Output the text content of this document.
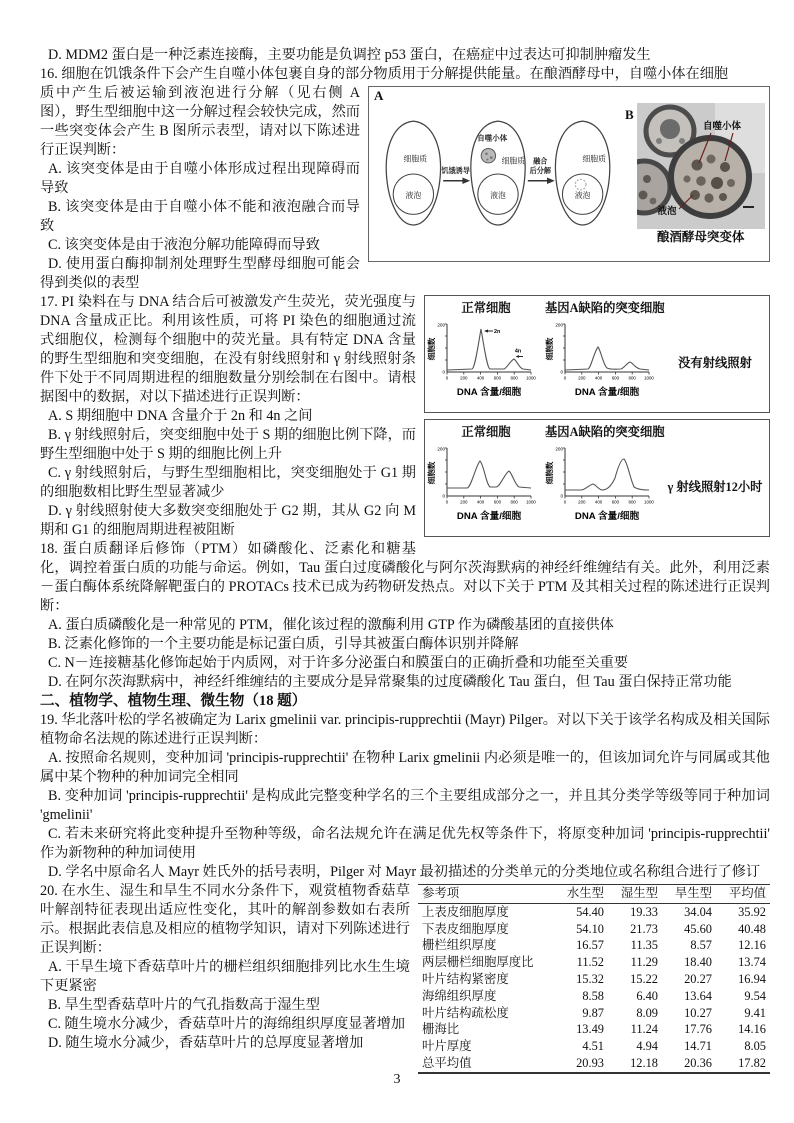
D. MDM2 蛋白是一种泛素连接酶，主要功能是负调控 p53 蛋白，在癌症中过表达可抑制肿瘤发生

16. 细胞在饥饿条件下会产生自噬小体包裹自身的部分物质用于分解提供能量。在酿酒酵母中，自噬小体在细胞

A
细胞质
液泡
饥饿诱导
自噬小体
细胞质
液泡
融合
后分解
细胞质
液泡
B
自噬小体
液泡
酿酒酵母突变体

质中产生后被运输到液泡进行分解（见右侧 A 图），野生型细胞中这一分解过程会较快完成，然而一些突变体会产生 B 图所示表型，请对以下陈述进行正误判断：

A. 该突变体是由于自噬小体形成过程出现障碍而导致

B. 该突变体是由于自噬小体不能和液泡融合而导致

C. 该突变体是由于液泡分解功能障碍而导致

D. 使用蛋白酶抑制剂处理野生型酵母细胞可能会得到类似的表型

正常细胞	基因A缺陷的突变细胞
200
0
细胞数
0	200 400 600 800 1000
DNA 含量/细胞
2n
4n
200
0
细胞数
0	200 400 600 800 1000
DNA 含量/细胞
没有射线照射
正常细胞	基因A缺陷的突变细胞
200
0
细胞数
0	200 400 600 800 1000
DNA 含量/细胞
200
0
细胞数
0	200 400 600 800 1000
DNA 含量/细胞
γ 射线照射12小时

17. PI 染料在与 DNA 结合后可被激发产生荧光，荧光强度与 DNA 含量成正比。利用该性质，可将 PI 染色的细胞通过流式细胞仪，检测每个细胞中的荧光量。具有特定 DNA 含量的野生型细胞和突变细胞，在没有射线照射和 γ 射线照射条件下处于不同周期进程的细胞数量分别绘制在右图中。请根据图中的数据，对以下描述进行正误判断：

A. S 期细胞中 DNA 含量介于 2n 和 4n 之间

B. γ 射线照射后，突变细胞中处于 S 期的细胞比例下降，而野生型细胞中处于 S 期的细胞比例上升

C. γ 射线照射后，与野生型细胞相比，突变细胞处于 G1 期的细胞数相比野生型显著减少

D. γ 射线照射使大多数突变细胞处于 G2 期，其从 G2 向 M 期和 G1 的细胞周期进程被阻断

18. 蛋白质翻译后修饰（PTM）如磷酸化、泛素化和糖基化，调控着蛋白质的功能与命运。例如，Tau 蛋白过度磷酸化与阿尔茨海默病的神经纤维缠结有关。此外，利用泛素－蛋白酶体系统降解靶蛋白的 PROTACs 技术已成为药物研发热点。对以下关于 PTM 及其相关过程的陈述进行正误判断：

A. 蛋白质磷酸化是一种常见的 PTM，催化该过程的激酶利用 GTP 作为磷酸基团的直接供体

B. 泛素化修饰的一个主要功能是标记蛋白质，引导其被蛋白酶体识别并降解

C. N－连接糖基化修饰起始于内质网，对于许多分泌蛋白和膜蛋白的正确折叠和功能至关重要

D. 在阿尔茨海默病中，神经纤维缠结的主要成分是异常聚集的过度磷酸化 Tau 蛋白，但 Tau 蛋白保持正常功能

二、植物学、植物生理、微生物（18 题）

19. 华北落叶松的学名被确定为 Larix gmelinii var. principis-rupprechtii (Mayr) Pilger。对以下关于该学名构成及相关国际植物命名法规的陈述进行正误判断：

A. 按照命名规则，变种加词 'principis-rupprechtii' 在物种 Larix gmelinii 内必须是唯一的，但该加词允许与同属或其他属中某个物种的种加词完全相同

B. 变种加词 'principis-rupprechtii' 是构成此完整变种学名的三个主要组成部分之一，并且其分类学等级等同于种加词 'gmelinii'

C. 若未来研究将此变种提升至物种等级，命名法规允许在满足优先权等条件下，将原变种加词 'principis-rupprechtii' 作为新物种的种加词使用

D. 学名中原命名人 Mayr 姓氏外的括号表明，Pilger 对 Mayr 最初描述的分类单元的分类地位或名称组合进行了修订

参考项	水生型	湿生型	旱生型	平均值
上表皮细胞厚度	54.40	19.33	34.04	35.92
下表皮细胞厚度	54.10	21.73	45.60	40.48
栅栏组织厚度	16.57	11.35	8.57	12.16
两层栅栏细胞厚度比	11.52	11.29	18.40	13.74
叶片结构紧密度	15.32	15.22	20.27	16.94
海绵组织厚度	8.58	6.40	13.64	9.54
叶片结构疏松度	9.87	8.09	10.27	9.41
栅海比	13.49	11.24	17.76	14.16
叶片厚度	4.51	4.94	14.71	8.05
总平均值	20.93	12.18	20.36	17.82

20. 在水生、湿生和旱生不同水分条件下，观赏植物香菇草叶解剖特征表现出适应性变化，其叶的解剖参数如右表所示。根据此表信息及相应的植物学知识，请对下列陈述进行正误判断：

A. 干旱生境下香菇草叶片的栅栏组织细胞排列比水生生境下更紧密

B. 旱生型香菇草叶片的气孔指数高于湿生型

C. 随生境水分减少，香菇草叶片的海绵组织厚度显著增加

D. 随生境水分减少，香菇草叶片的总厚度显著增加

3
